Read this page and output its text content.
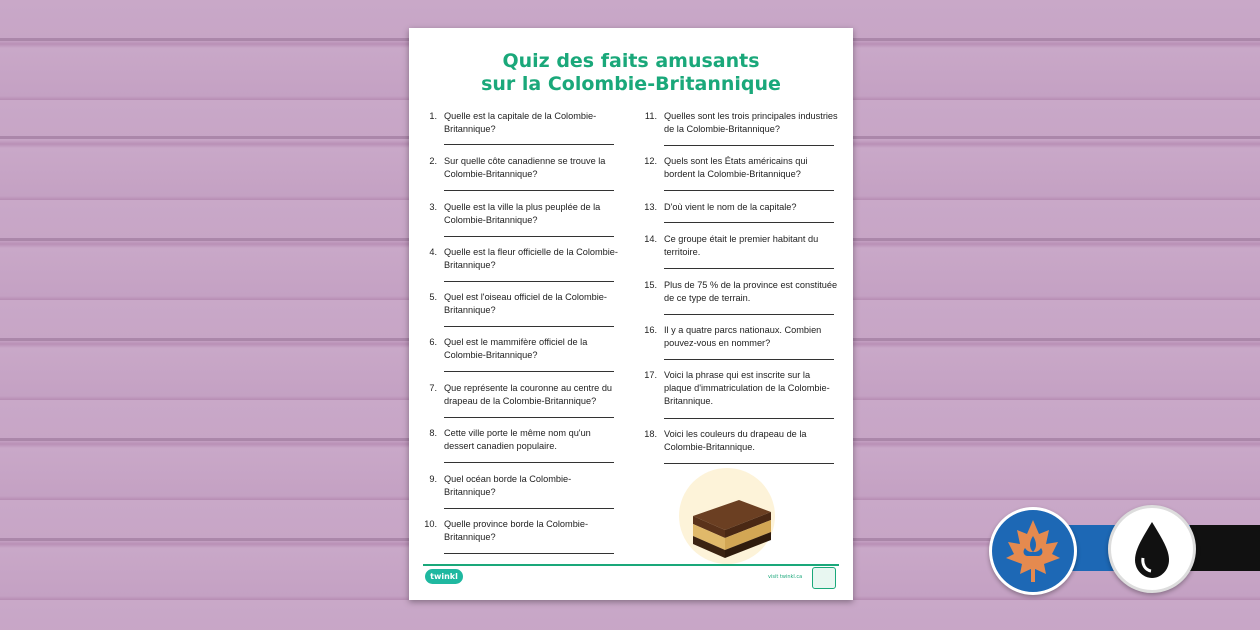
Quiz des faits amusants
sur la Colombie-Britannique
1. Quelle est la capitale de la Colombie-Britannique?
2. Sur quelle côte canadienne se trouve la Colombie-Britannique?
3. Quelle est la ville la plus peuplée de la Colombie-Britannique?
4. Quelle est la fleur officielle de la Colombie-Britannique?
5. Quel est l'oiseau officiel de la Colombie-Britannique?
6. Quel est le mammifère officiel de la Colombie-Britannique?
7. Que représente la couronne au centre du drapeau de la Colombie-Britannique?
8. Cette ville porte le même nom qu'un dessert canadien populaire.
9. Quel océan borde la Colombie-Britannique?
10. Quelle province borde la Colombie-Britannique?
11. Quelles sont les trois principales industries de la Colombie-Britannique?
12. Quels sont les États américains qui bordent la Colombie-Britannique?
13. D'où vient le nom de la capitale?
14. Ce groupe était le premier habitant du territoire.
15. Plus de 75 % de la province est constituée de ce type de terrain.
16. Il y a quatre parcs nationaux. Combien pouvez-vous en nommer?
17. Voici la phrase qui est inscrite sur la plaque d'immatriculation de la Colombie-Britannique.
18. Voici les couleurs du drapeau de la Colombie-Britannique.
twinkl	visit twinkl.ca
